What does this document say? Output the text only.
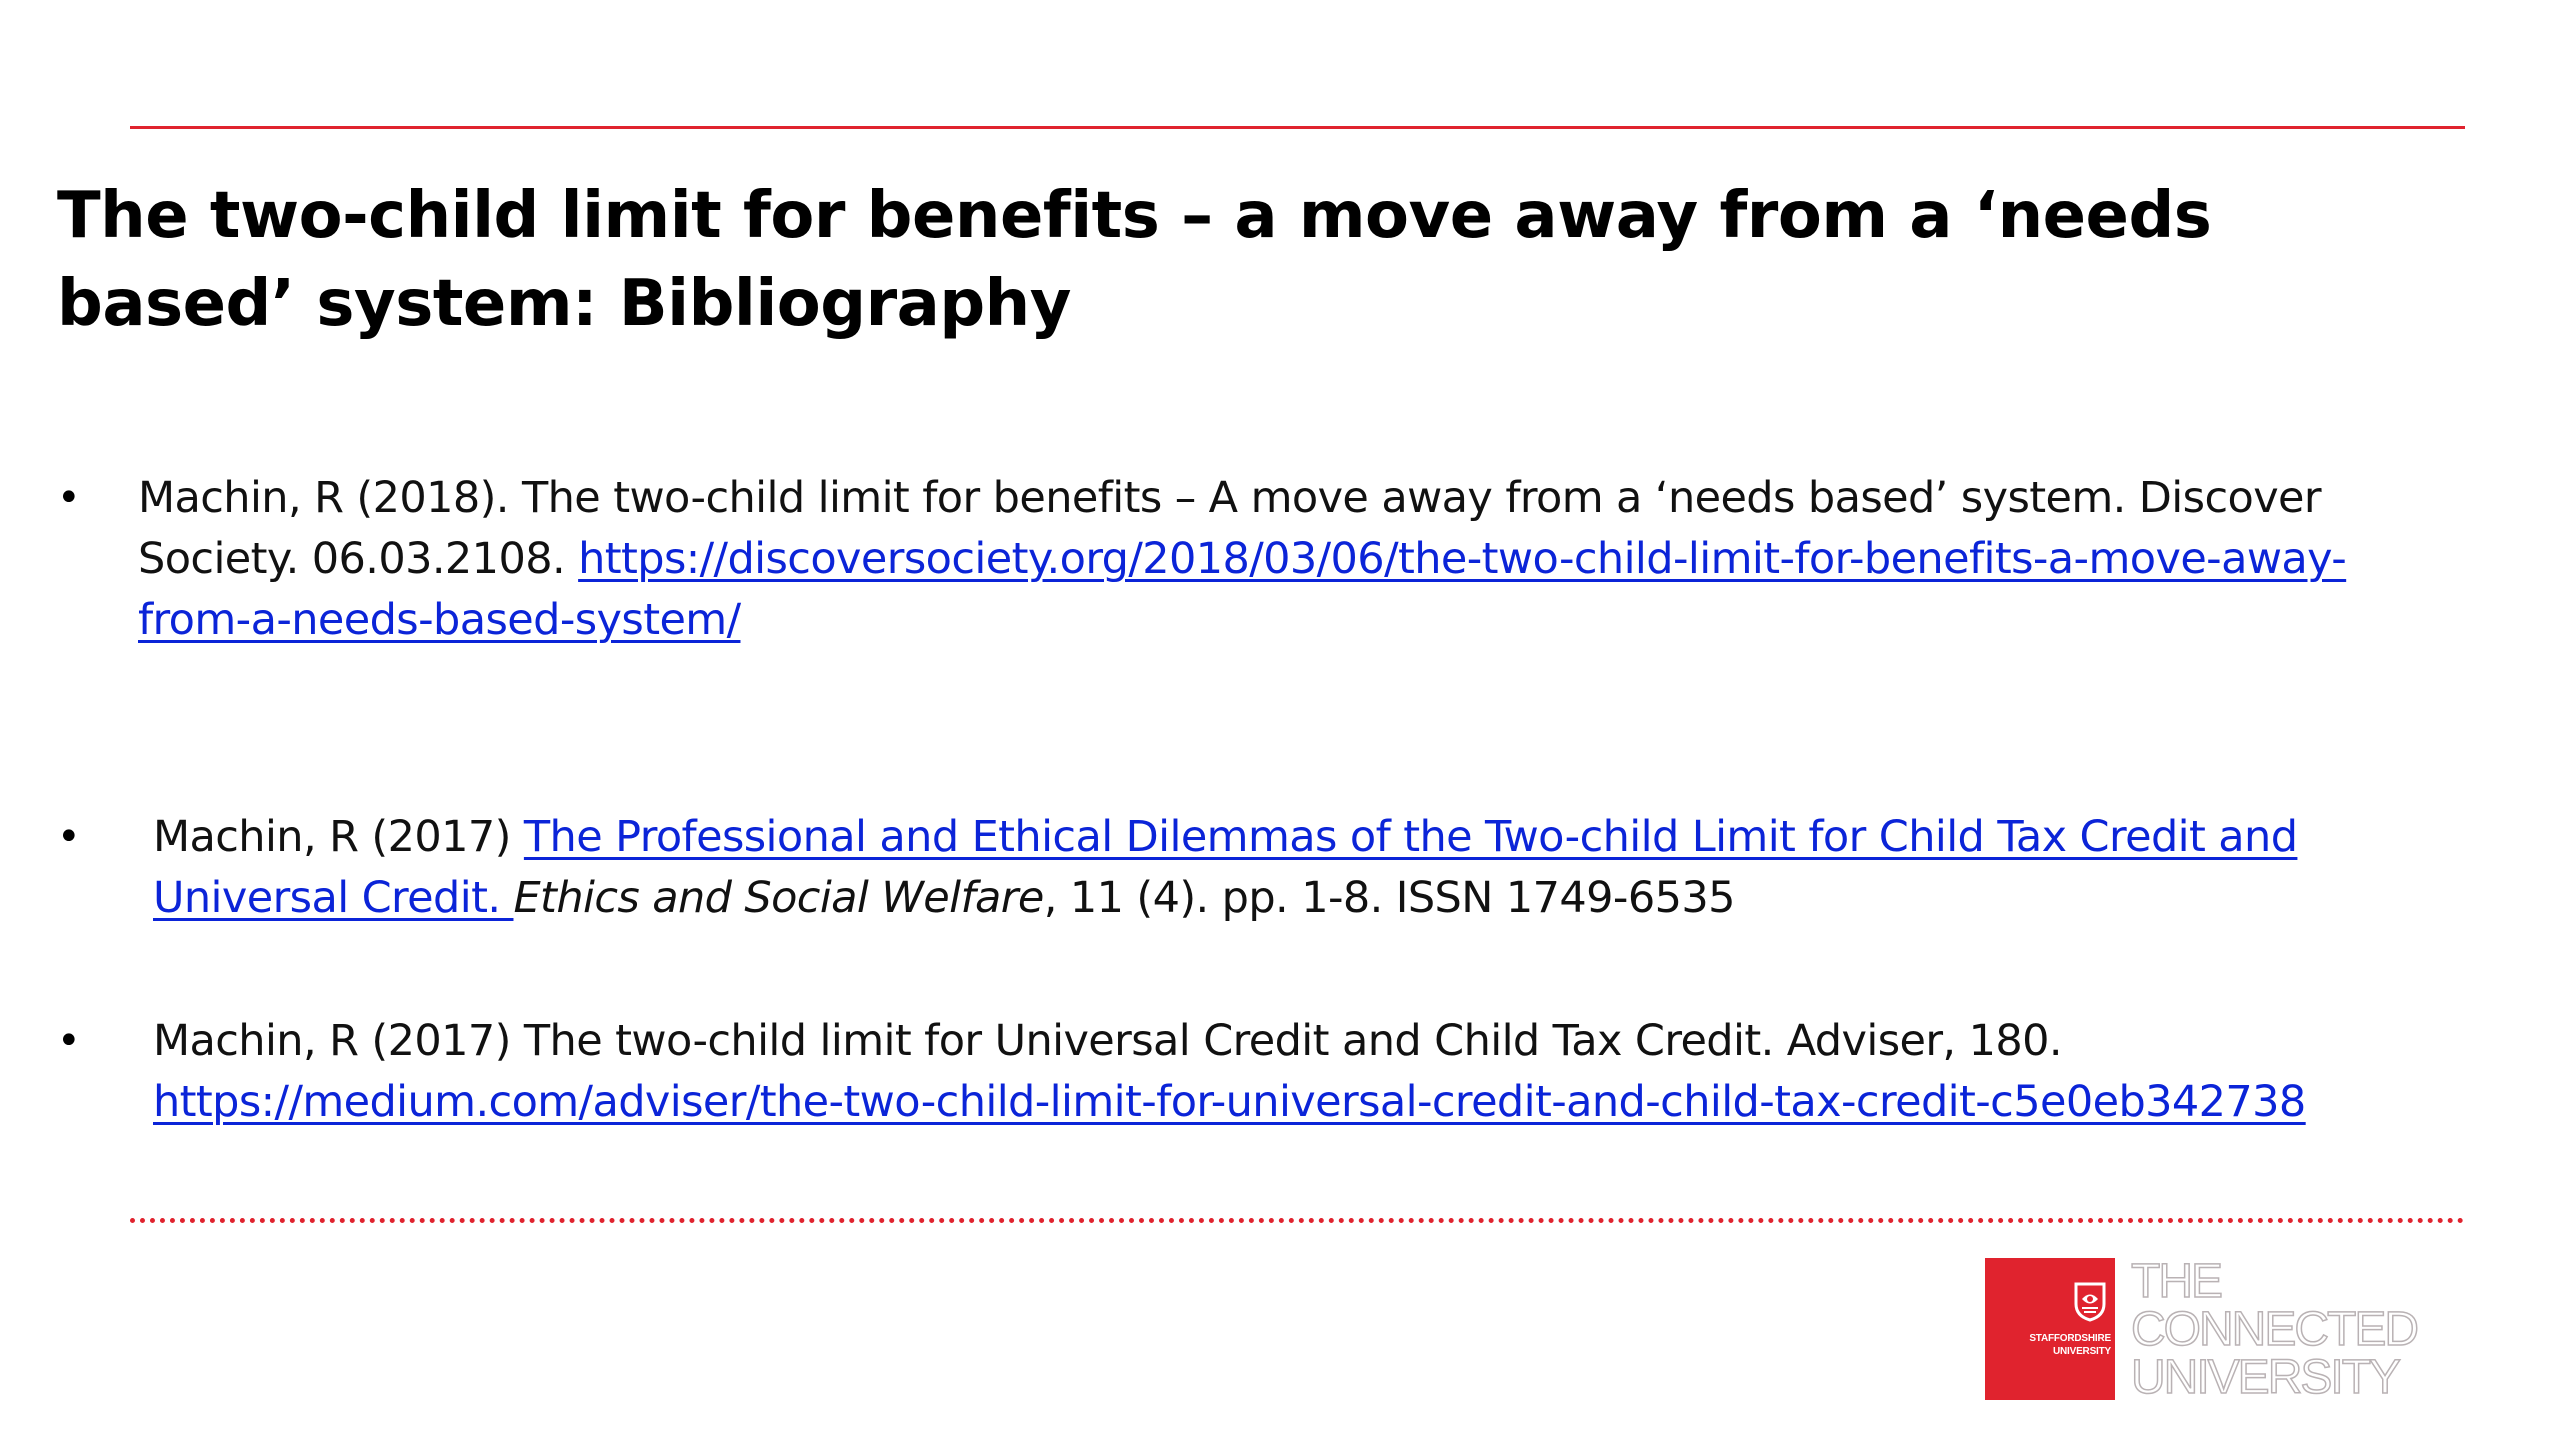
The two-child limit for benefits – a move away from a ‘needs based’ system: Bibliography
• Machin, R (2018). The two-child limit for benefits – A move away from a ‘needs based’ system. Discover Society. 06.03.2108. https://discoversociety.org/2018/03/06/the-two-child-limit-for-benefits-a-move-away-from-a-needs-based-system/
• Machin, R (2017) The Professional and Ethical Dilemmas of the Two-child Limit for Child Tax Credit and Universal Credit. Ethics and Social Welfare, 11 (4). pp. 1-8. ISSN 1749-6535
• Machin, R (2017) The two-child limit for Universal Credit and Child Tax Credit. Adviser, 180. https://medium.com/adviser/the-two-child-limit-for-universal-credit-and-child-tax-credit-c5e0eb342738

STAFFORDSHIRE
UNIVERSITY

THE
CONNECTED
UNIVERSITY
